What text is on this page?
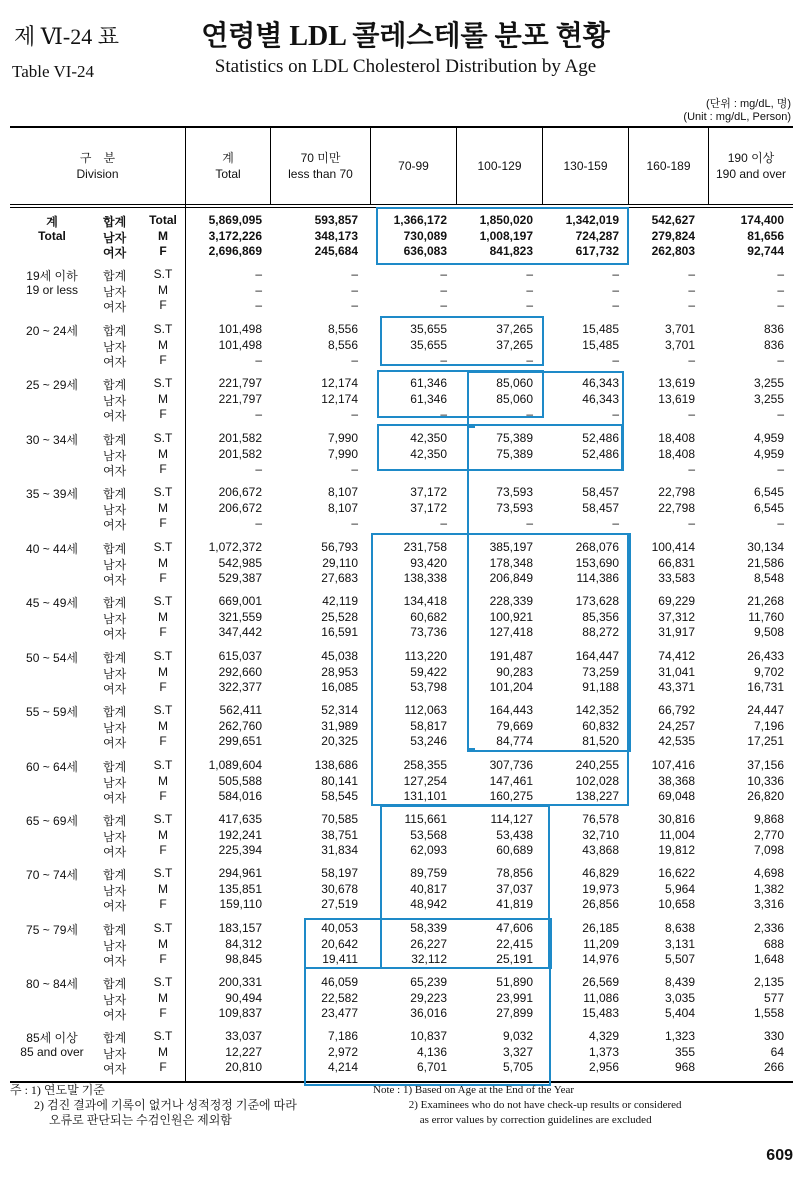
제 Ⅵ-24 표
Table VI-24
연령별 LDL 콜레스테롤 분포 현황
Statistics on LDL Cholesterol Distribution by Age
(단위 : mg/dL, 명)
(Unit : mg/dL, Person)
구　분
Division
계
Total
70 미만
less than 70
70-99	100-129	130-159	160-189
190 이상
190 and over
계
Total
합계	Total	5,869,095	593,857	1,366,172	1,850,020	1,342,019	542,627	174,400
남자	M	3,172,226	348,173	730,089	1,008,197	724,287	279,824	81,656
여자	F	2,696,869	245,684	636,083	841,823	617,732	262,803	92,744
19세 이하
19 or less
합계	S.T	–	–	–	–	–	–	–
남자	M	–	–	–	–	–	–	–
여자	F	–	–	–	–	–	–	–
20 ~ 24세	합계	S.T	101,498	8,556	35,655	37,265	15,485	3,701	836
남자	M	101,498	8,556	35,655	37,265	15,485	3,701	836
여자	F	–	–	–	–	–	–	–
25 ~ 29세	합계	S.T	221,797	12,174	61,346	85,060	46,343	13,619	3,255
남자	M	221,797	12,174	61,346	85,060	46,343	13,619	3,255
여자	F	–	–	–	–	–	–	–
30 ~ 34세	합계	S.T	201,582	7,990	42,350	75,389	52,486	18,408	4,959
남자	M	201,582	7,990	42,350	75,389	52,486	18,408	4,959
여자	F	–	–	–	–	–	–	–
35 ~ 39세	합계	S.T	206,672	8,107	37,172	73,593	58,457	22,798	6,545
남자	M	206,672	8,107	37,172	73,593	58,457	22,798	6,545
여자	F	–	–	–	–	–	–	–
40 ~ 44세	합계	S.T	1,072,372	56,793	231,758	385,197	268,076	100,414	30,134
남자	M	542,985	29,110	93,420	178,348	153,690	66,831	21,586
여자	F	529,387	27,683	138,338	206,849	114,386	33,583	8,548
45 ~ 49세	합계	S.T	669,001	42,119	134,418	228,339	173,628	69,229	21,268
남자	M	321,559	25,528	60,682	100,921	85,356	37,312	11,760
여자	F	347,442	16,591	73,736	127,418	88,272	31,917	9,508
50 ~ 54세	합계	S.T	615,037	45,038	113,220	191,487	164,447	74,412	26,433
남자	M	292,660	28,953	59,422	90,283	73,259	31,041	9,702
여자	F	322,377	16,085	53,798	101,204	91,188	43,371	16,731
55 ~ 59세	합계	S.T	562,411	52,314	112,063	164,443	142,352	66,792	24,447
남자	M	262,760	31,989	58,817	79,669	60,832	24,257	7,196
여자	F	299,651	20,325	53,246	84,774	81,520	42,535	17,251
60 ~ 64세	합계	S.T	1,089,604	138,686	258,355	307,736	240,255	107,416	37,156
남자	M	505,588	80,141	127,254	147,461	102,028	38,368	10,336
여자	F	584,016	58,545	131,101	160,275	138,227	69,048	26,820
65 ~ 69세	합계	S.T	417,635	70,585	115,661	114,127	76,578	30,816	9,868
남자	M	192,241	38,751	53,568	53,438	32,710	11,004	2,770
여자	F	225,394	31,834	62,093	60,689	43,868	19,812	7,098
70 ~ 74세	합계	S.T	294,961	58,197	89,759	78,856	46,829	16,622	4,698
남자	M	135,851	30,678	40,817	37,037	19,973	5,964	1,382
여자	F	159,110	27,519	48,942	41,819	26,856	10,658	3,316
75 ~ 79세	합계	S.T	183,157	40,053	58,339	47,606	26,185	8,638	2,336
남자	M	84,312	20,642	26,227	22,415	11,209	3,131	688
여자	F	98,845	19,411	32,112	25,191	14,976	5,507	1,648
80 ~ 84세	합계	S.T	200,331	46,059	65,239	51,890	26,569	8,439	2,135
남자	M	90,494	22,582	29,223	23,991	11,086	3,035	577
여자	F	109,837	23,477	36,016	27,899	15,483	5,404	1,558
85세 이상
85 and over
합계	S.T	33,037	7,186	10,837	9,032	4,329	1,323	330
남자	M	12,227	2,972	4,136	3,327	1,373	355	64
여자	F	20,810	4,214	6,701	5,705	2,956	968	266
주 : 1) 연도말 기준
　　2) 검진 결과에 기록이 없거나 성적정정 기준에 따라
　　　 오류로 판단되는 수검인원은 제외함
Note : 1) Based on Age at the End of the Year
　　　 2) Examinees who do not have check-up results or considered
　　　　 as error values by correction guidelines are excluded
609
